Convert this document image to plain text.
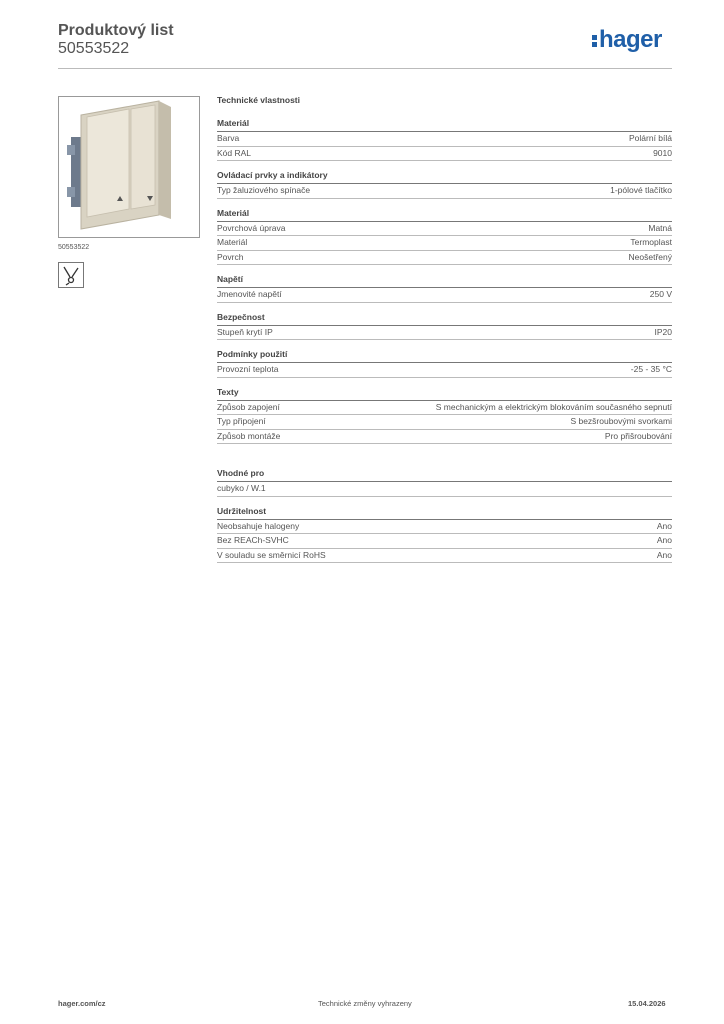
Produktový list
50553522	hager
50553522
Technické vlastnosti
Materiál
Barva	Polární bílá
Kód RAL	9010
Ovládací prvky a indikátory
Typ žaluziového spínače	1-pólové tlačítko
Materiál
Povrchová úprava	Matná
Materiál	Termoplast
Povrch	Neošetřený
Napětí
Jmenovité napětí	250 V
Bezpečnost
Stupeň krytí IP	IP20
Podmínky použití
Provozní teplota	-25 - 35 °C
Texty
Způsob zapojení	S mechanickým a elektrickým blokováním současného sepnutí
Typ připojení	S bezšroubovými svorkami
Způsob montáže	Pro přišroubování
Vhodné pro
cubyko / W.1
Udržitelnost
Neobsahuje halogeny	Ano
Bez REACh-SVHC	Ano
V souladu se směrnicí RoHS	Ano
hager.com/cz	Technické změny vyhrazeny	15.04.2026
